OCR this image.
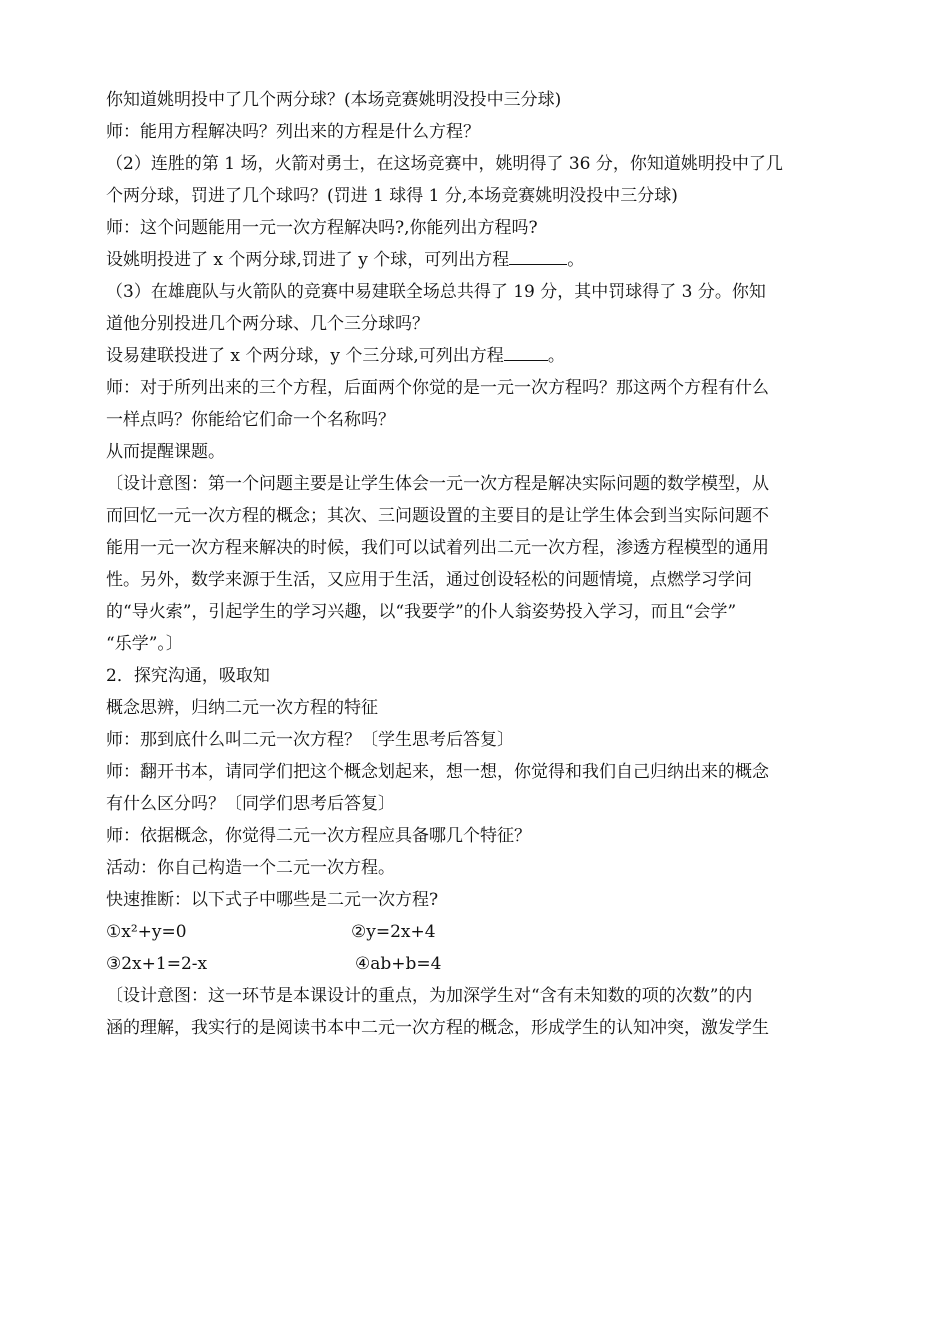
你知道姚明投中了几个两分球？(本场竞赛姚明没投中三分球)
师：能用方程解决吗？列出来的方程是什么方程？
（2）连胜的第 1 场，火箭对勇士，在这场竞赛中，姚明得了 36 分，你知道姚明投中了几
个两分球，罚进了几个球吗？(罚进 1 球得 1 分,本场竞赛姚明没投中三分球)
师：这个问题能用一元一次方程解决吗?,你能列出方程吗?
设姚明投进了 x 个两分球,罚进了 y 个球，可列出方程	。
（3）在雄鹿队与火箭队的竞赛中易建联全场总共得了 19 分，其中罚球得了 3 分。你知
道他分别投进几个两分球、几个三分球吗？
设易建联投进了 x 个两分球，y 个三分球,可列出方程	。
师：对于所列出来的三个方程，后面两个你觉的是一元一次方程吗？那这两个方程有什么
一样点吗？你能给它们命一个名称吗？
从而提醒课题。
〔设计意图：第一个问题主要是让学生体会一元一次方程是解决实际问题的数学模型，从
而回忆一元一次方程的概念；其次、三问题设置的主要目的是让学生体会到当实际问题不
能用一元一次方程来解决的时候，我们可以试着列出二元一次方程，渗透方程模型的通用
性。另外，数学来源于生活，又应用于生活，通过创设轻松的问题情境，点燃学习学问
的“导火索”，引起学生的学习兴趣，以“我要学”的仆人翁姿势投入学习，而且“会学”
“乐学”。〕
2．探究沟通，吸取知
概念思辨，归纳二元一次方程的特征
师：那到底什么叫二元一次方程？〔学生思考后答复〕
师：翻开书本，请同学们把这个概念划起来，想一想，你觉得和我们自己归纳出来的概念
有什么区分吗？〔同学们思考后答复〕
师：依据概念，你觉得二元一次方程应具备哪几个特征？
活动：你自己构造一个二元一次方程。
快速推断：以下式子中哪些是二元一次方程?
①x²+y=0	②y=2x+4
③2x+1=2-x	④ab+b=4
〔设计意图：这一环节是本课设计的重点，为加深学生对“含有未知数的项的次数”的内
涵的理解，我实行的是阅读书本中二元一次方程的概念，形成学生的认知冲突，激发学生
